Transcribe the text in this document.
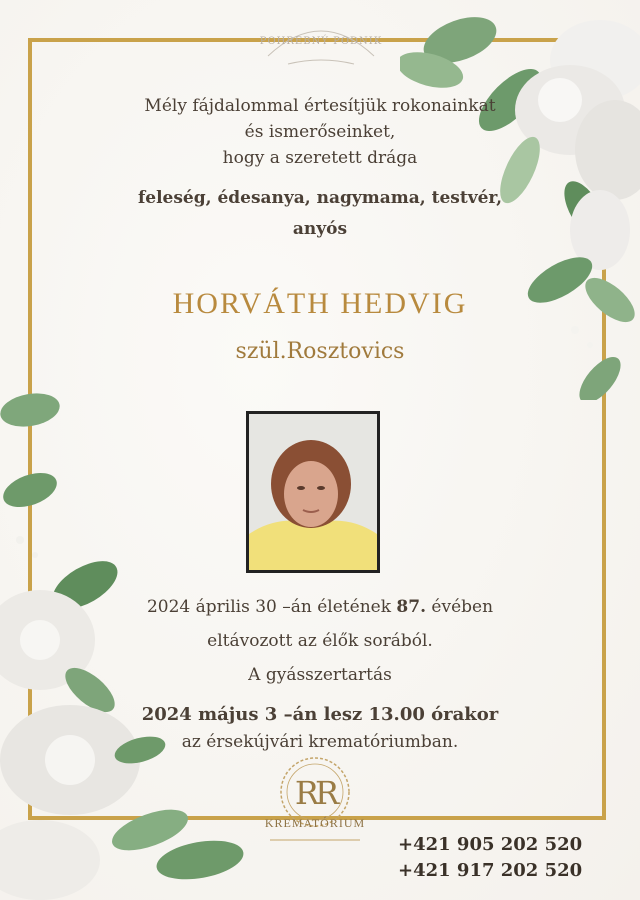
POHREBNÝ PODNIK

Mély fájdalommal értesítjük rokonainkat

és ismerőseinket,

hogy a szeretett drága

feleség, édesanya, nagymama, testvér,

anyós

HORVÁTH HEDVIG

szül.Rosztovics

2024 április 30 –án életének 87. évében

eltávozott az élők sorából.

A gyásszertartás

2024 május 3 –án lesz 13.00 órakor

az érsekújvári krematóriumban.

RR
KREMATÓRIUM

+421 905 202 520

+421 917 202 520
